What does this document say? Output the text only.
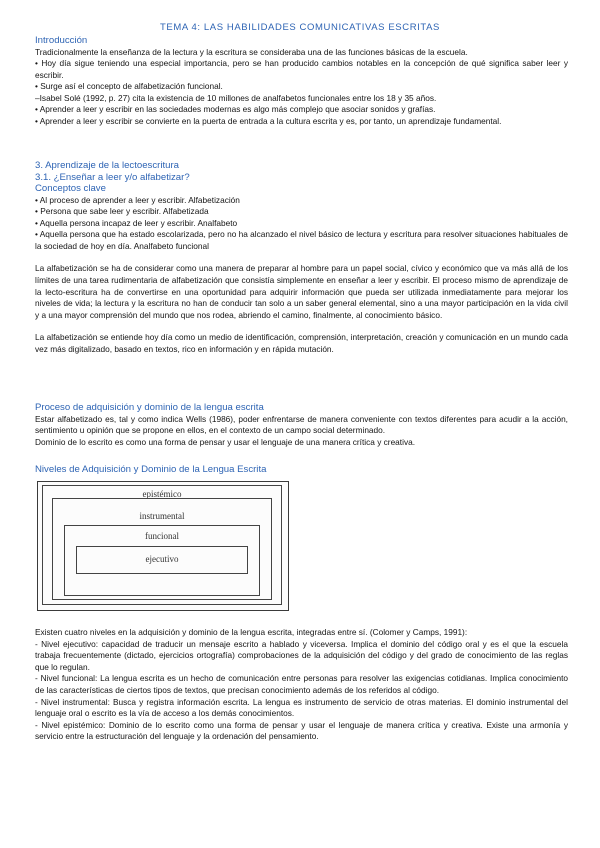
TEMA 4: LAS HABILIDADES COMUNICATIVAS ESCRITAS
Introducción

Tradicionalmente la enseñanza de la lectura y la escritura se consideraba una de las funciones básicas de la escuela.

• Hoy día sigue teniendo una especial importancia, pero se han producido cambios notables en la concepción de qué significa saber leer y escribir.

• Surge así el concepto de alfabetización funcional.

–Isabel Solé (1992, p. 27) cita la existencia de 10 millones de analfabetos funcionales entre los 18 y 35 años.

• Aprender a leer y escribir en las sociedades modernas es algo más complejo que asociar sonidos y grafías.

• Aprender a leer y escribir se convierte en la puerta de entrada a la cultura escrita y es, por tanto, un aprendizaje fundamental.

3. Aprendizaje de la lectoescritura
3.1. ¿Enseñar a leer y/o alfabetizar?
Conceptos clave

• Al proceso de aprender a leer y escribir. Alfabetización

• Persona que sabe leer y escribir. Alfabetizada

• Aquella persona incapaz de leer y escribir. Analfabeto

• Aquella persona que ha estado escolarizada, pero no ha alcanzado el nivel básico de lectura y escritura para resolver situaciones habituales de la sociedad de hoy en día. Analfabeto funcional

La alfabetización se ha de considerar como una manera de preparar al hombre para un papel social, cívico y económico que va más allá de los límites de una tarea rudimentaria de alfabetización que consistía simplemente en enseñar a leer y escribir. El proceso mismo de aprendizaje de la lecto-escritura ha de convertirse en una oportunidad para adquirir información que pueda ser utilizada inmediatamente para mejorar los niveles de vida; la lectura y la escritura no han de conducir tan solo a un saber general elemental, sino a una mayor participación en la vida civil y a una mayor comprensión del mundo que nos rodea, abriendo el camino, finalmente, al conocimiento básico.

La alfabetización se entiende hoy día como un medio de identificación, comprensión, interpretación, creación y comunicación en un mundo cada vez más digitalizado, basado en textos, rico en información y en rápida mutación.

Proceso de adquisición y dominio de la lengua escrita

Estar alfabetizado es, tal y como indica Wells (1986), poder enfrentarse de manera conveniente con textos diferentes para acudir a la acción, sentimiento u opinión que se propone en ellos, en el contexto de un campo social determinado.

Dominio de lo escrito es como una forma de pensar y usar el lenguaje de una manera crítica y creativa.

Niveles de Adquisición y Dominio de la Lengua Escrita
epistémico
instrumental
funcional
ejecutivo

Existen cuatro niveles en la adquisición y dominio de la lengua escrita, integradas entre sí. (Colomer y Camps, 1991):

- Nivel ejecutivo: capacidad de traducir un mensaje escrito a hablado y viceversa. Implica el dominio del código oral y es el que la escuela trabaja frecuentemente (dictado, ejercicios ortografía) comprobaciones de la adquisición del código y del grado de conocimiento de las reglas que lo regulan.

- Nivel funcional: La lengua escrita es un hecho de comunicación entre personas para resolver las exigencias cotidianas. Implica conocimiento de las características de ciertos tipos de textos, que precisan conocimiento además de los referidos al código.

- Nivel instrumental: Busca y registra información escrita. La lengua es instrumento de servicio de otras materias. El dominio instrumental del lenguaje oral o escrito es la vía de acceso a los demás conocimientos.

- Nivel epistémico: Dominio de lo escrito como una forma de pensar y usar el lenguaje de manera crítica y creativa. Existe una armonía y servicio entre la estructuración del lenguaje y la ordenación del pensamiento.
